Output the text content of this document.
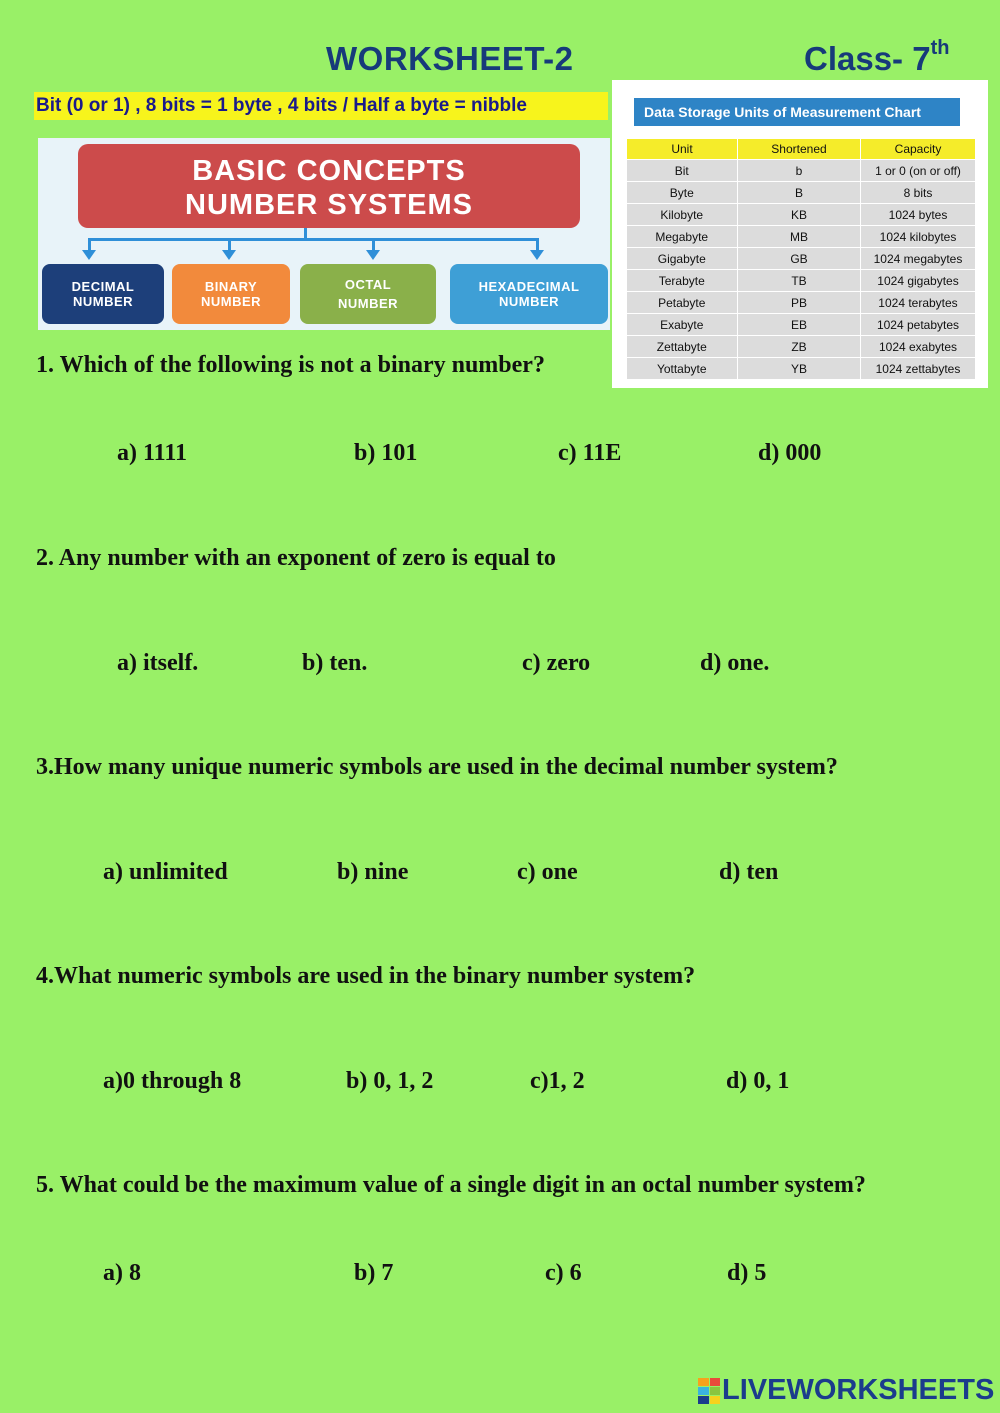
WORKSHEET-2	Class- 7th
Bit (0 or 1) , 8 bits = 1 byte , 4 bits / Half a byte = nibble
BASIC CONCEPTS
NUMBER SYSTEMS
DECIMAL
NUMBER
BINARY
NUMBER
OCTAL
NUMBER
HEXADECIMAL
NUMBER
Data Storage Units of Measurement Chart
Unit	Shortened	Capacity
Bit	b	1 or 0 (on or off)
Byte	B	8 bits
Kilobyte	KB	1024 bytes
Megabyte	MB	1024 kilobytes
Gigabyte	GB	1024 megabytes
Terabyte	TB	1024 gigabytes
Petabyte	PB	1024 terabytes
Exabyte	EB	1024 petabytes
Zettabyte	ZB	1024 exabytes
Yottabyte	YB	1024 zettabytes
1. Which of the following is not a binary number?
a) 1111	b) 101	c) 11E	d) 000
2. Any number with an exponent of zero is equal to
a) itself.	b) ten.	c) zero	d) one.
3.How many unique numeric symbols are used in the decimal number system?
a) unlimited	b) nine	c) one	d) ten
4.What numeric symbols are used in the binary number system?
a)0 through 8	b) 0, 1, 2	c)1, 2	d) 0, 1
5. What could be the maximum value of a single digit in an octal number system?
a) 8	b) 7	c) 6	d) 5
LIVEWORKSHEETS
